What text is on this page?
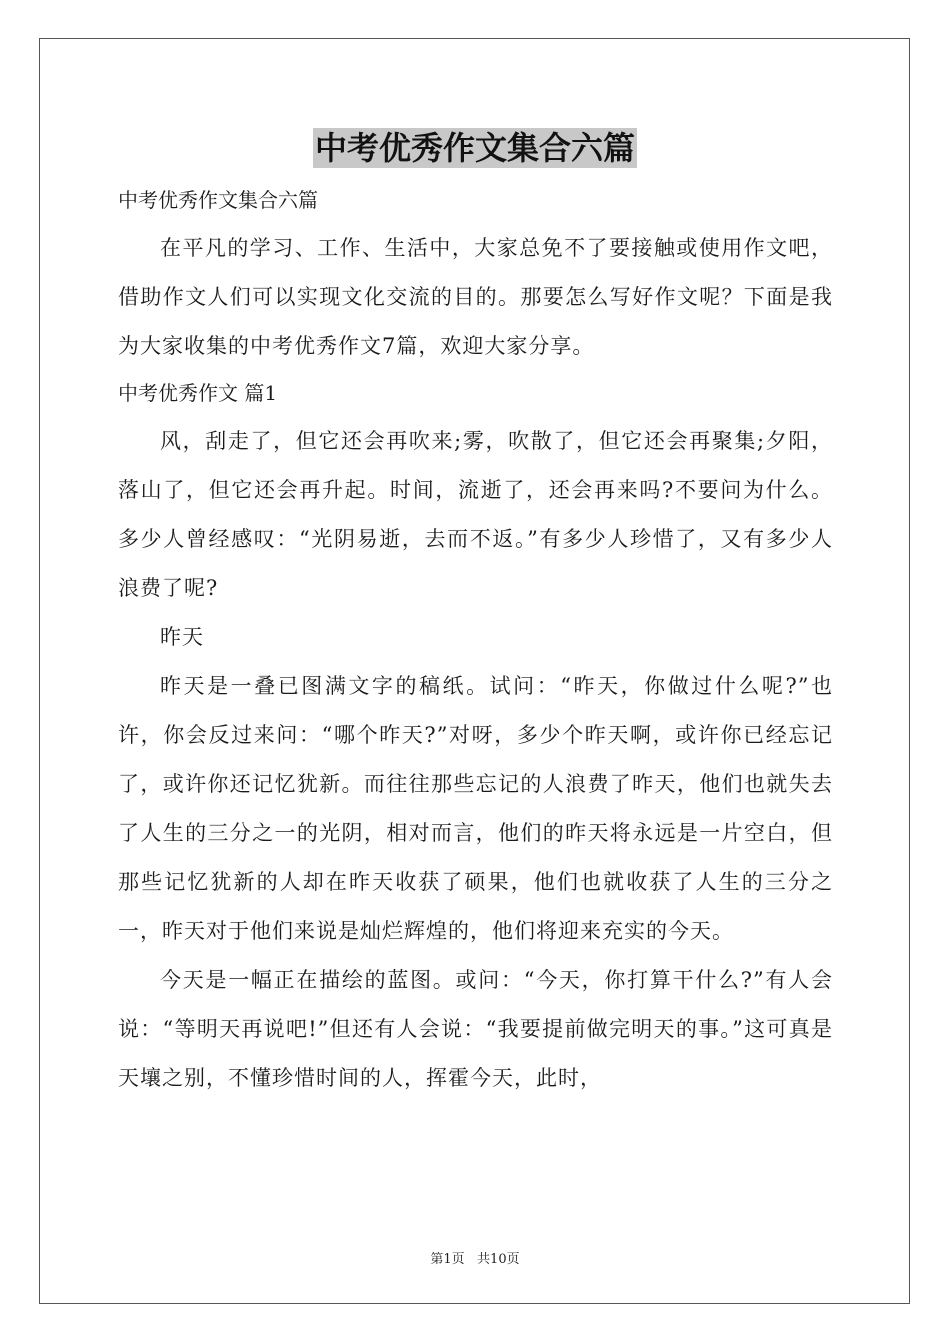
中考优秀作文集合六篇

中考优秀作文集合六篇

在平凡的学习、工作、生活中，大家总免不了要接触或使用作文吧，借助作文人们可以实现文化交流的目的。那要怎么写好作文呢？下面是我为大家收集的中考优秀作文7篇，欢迎大家分享。

中考优秀作文 篇1

风，刮走了，但它还会再吹来;雾，吹散了，但它还会再聚集;夕阳，落山了，但它还会再升起。时间，流逝了，还会再来吗?不要问为什么。多少人曾经感叹：“光阴易逝，去而不返。”有多少人珍惜了，又有多少人浪费了呢?

昨天

昨天是一叠已图满文字的稿纸。试问：“昨天，你做过什么呢?”也许，你会反过来问：“哪个昨天?”对呀，多少个昨天啊，或许你已经忘记了，或许你还记忆犹新。而往往那些忘记的人浪费了昨天，他们也就失去了人生的三分之一的光阴，相对而言，他们的昨天将永远是一片空白，但那些记忆犹新的人却在昨天收获了硕果，他们也就收获了人生的三分之一，昨天对于他们来说是灿烂辉煌的，他们将迎来充实的今天。

今天是一幅正在描绘的蓝图。或问：“今天，你打算干什么?”有人会说：“等明天再说吧!”但还有人会说：“我要提前做完明天的事。”这可真是天壤之别，不懂珍惜时间的人，挥霍今天，此时，

第1页   共10页
